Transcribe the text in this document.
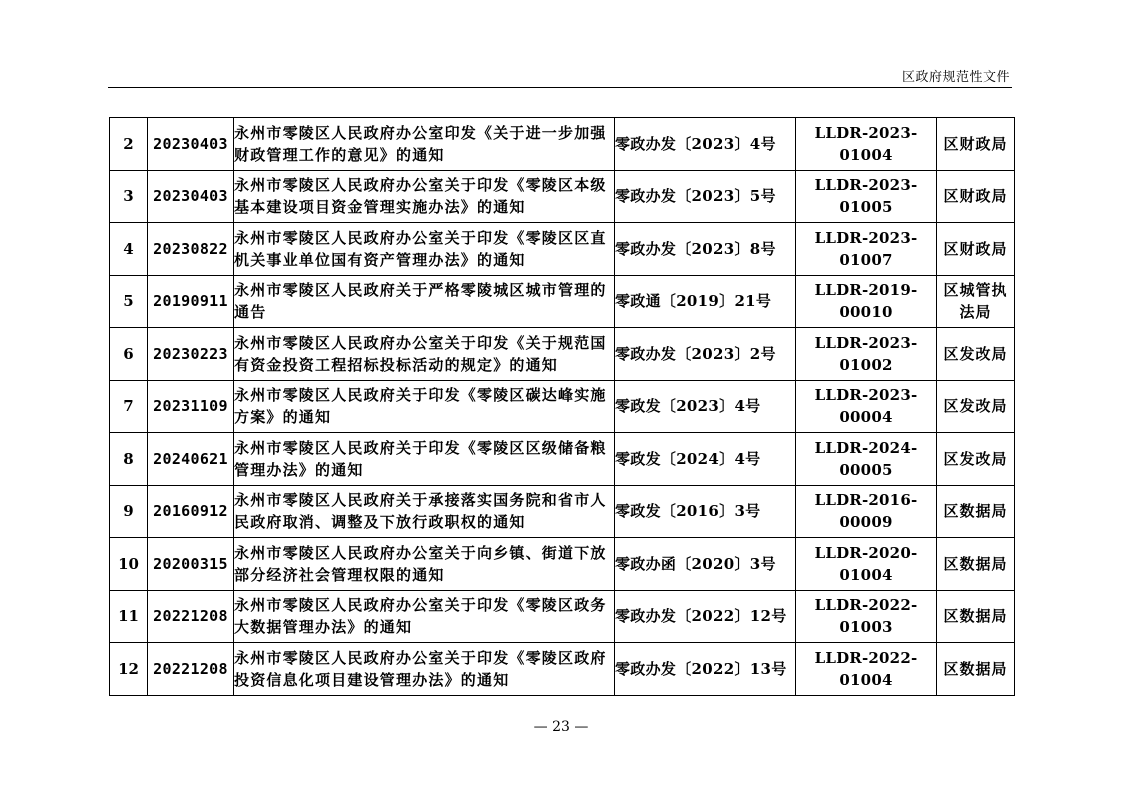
区政府规范性文件
2	20230403	永州市零陵区人民政府办公室印发《关于进一步加强财政管理工作的意见》的通知	零政办发〔2023〕4号	LLDR-2023-01004	区财政局
3	20230403	永州市零陵区人民政府办公室关于印发《零陵区本级基本建设项目资金管理实施办法》的通知	零政办发〔2023〕5号	LLDR-2023-01005	区财政局
4	20230822	永州市零陵区人民政府办公室关于印发《零陵区区直机关事业单位国有资产管理办法》的通知	零政办发〔2023〕8号	LLDR-2023-01007	区财政局
5	20190911	永州市零陵区人民政府关于严格零陵城区城市管理的通告	零政通〔2019〕21号	LLDR-2019-00010	区城管执法局
6	20230223	永州市零陵区人民政府办公室关于印发《关于规范国有资金投资工程招标投标活动的规定》的通知	零政办发〔2023〕2号	LLDR-2023-01002	区发改局
7	20231109	永州市零陵区人民政府关于印发《零陵区碳达峰实施方案》的通知	零政发〔2023〕4号	LLDR-2023-00004	区发改局
8	20240621	永州市零陵区人民政府关于印发《零陵区区级储备粮管理办法》的通知	零政发〔2024〕4号	LLDR-2024-00005	区发改局
9	20160912	永州市零陵区人民政府关于承接落实国务院和省市人民政府取消、调整及下放行政职权的通知	零政发〔2016〕3号	LLDR-2016-00009	区数据局
10	20200315	永州市零陵区人民政府办公室关于向乡镇、街道下放部分经济社会管理权限的通知	零政办函〔2020〕3号	LLDR-2020-01004	区数据局
11	20221208	永州市零陵区人民政府办公室关于印发《零陵区政务大数据管理办法》的通知	零政办发〔2022〕12号	LLDR-2022-01003	区数据局
12	20221208	永州市零陵区人民政府办公室关于印发《零陵区政府投资信息化项目建设管理办法》的通知	零政办发〔2022〕13号	LLDR-2022-01004	区数据局
— 23 —
